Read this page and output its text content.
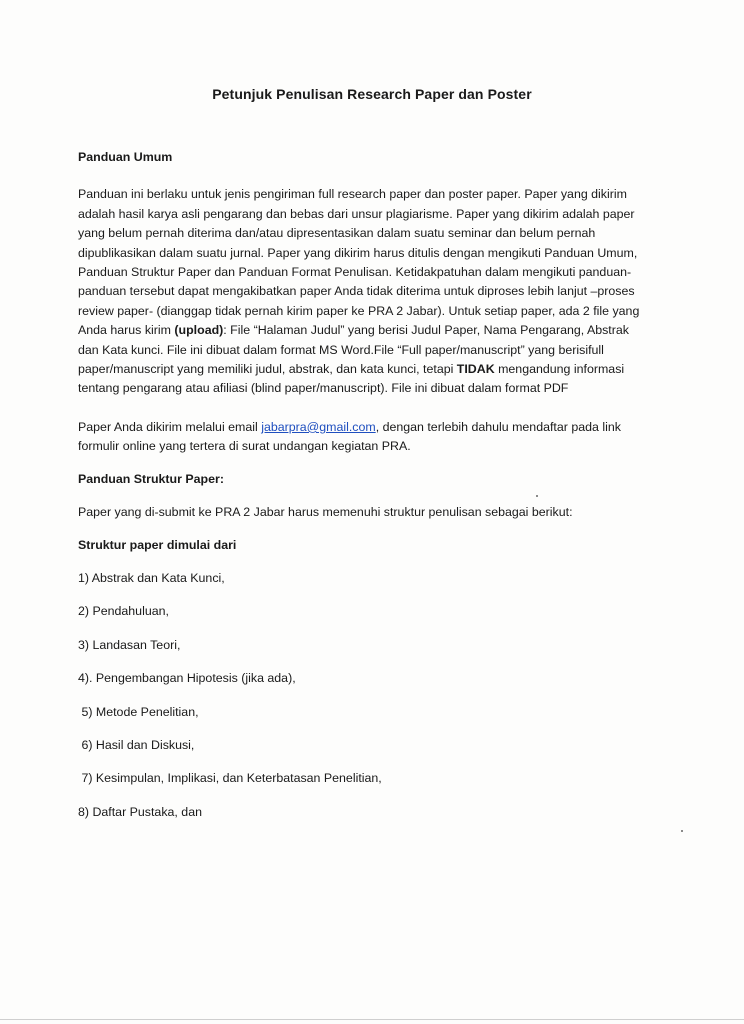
Petunjuk Penulisan Research Paper dan Poster

Panduan Umum

Panduan ini berlaku untuk jenis pengiriman full research paper dan poster paper. Paper yang dikirim adalah hasil karya asli pengarang dan bebas dari unsur plagiarisme. Paper yang dikirim adalah paper yang belum pernah diterima dan/atau dipresentasikan dalam suatu seminar dan belum pernah dipublikasikan dalam suatu jurnal. Paper yang dikirim harus ditulis dengan mengikuti Panduan Umum, Panduan Struktur Paper dan Panduan Format Penulisan. Ketidakpatuhan dalam mengikuti panduan-panduan tersebut dapat mengakibatkan paper Anda tidak diterima untuk diproses lebih lanjut –proses review paper- (dianggap tidak pernah kirim paper ke PRA 2 Jabar). Untuk setiap paper, ada 2 file yang Anda harus kirim (upload): File “Halaman Judul” yang berisi Judul Paper, Nama Pengarang, Abstrak dan Kata kunci. File ini dibuat dalam format MS Word.File “Full paper/manuscript” yang berisifull paper/manuscript yang memiliki judul, abstrak, dan kata kunci, tetapi TIDAK mengandung informasi tentang pengarang atau afiliasi (blind paper/manuscript). File ini dibuat dalam format PDF

Paper Anda dikirim melalui email jabarpra@gmail.com, dengan terlebih dahulu mendaftar pada link formulir online yang tertera di surat undangan kegiatan PRA.

Panduan Struktur Paper:

Paper yang di-submit ke PRA 2 Jabar harus memenuhi struktur penulisan sebagai berikut:

Struktur paper dimulai dari

1) Abstrak dan Kata Kunci,
2) Pendahuluan,
3) Landasan Teori,
4). Pengembangan Hipotesis (jika ada),
5) Metode Penelitian,
6) Hasil dan Diskusi,
7) Kesimpulan, Implikasi, dan Keterbatasan Penelitian,
8) Daftar Pustaka, dan
